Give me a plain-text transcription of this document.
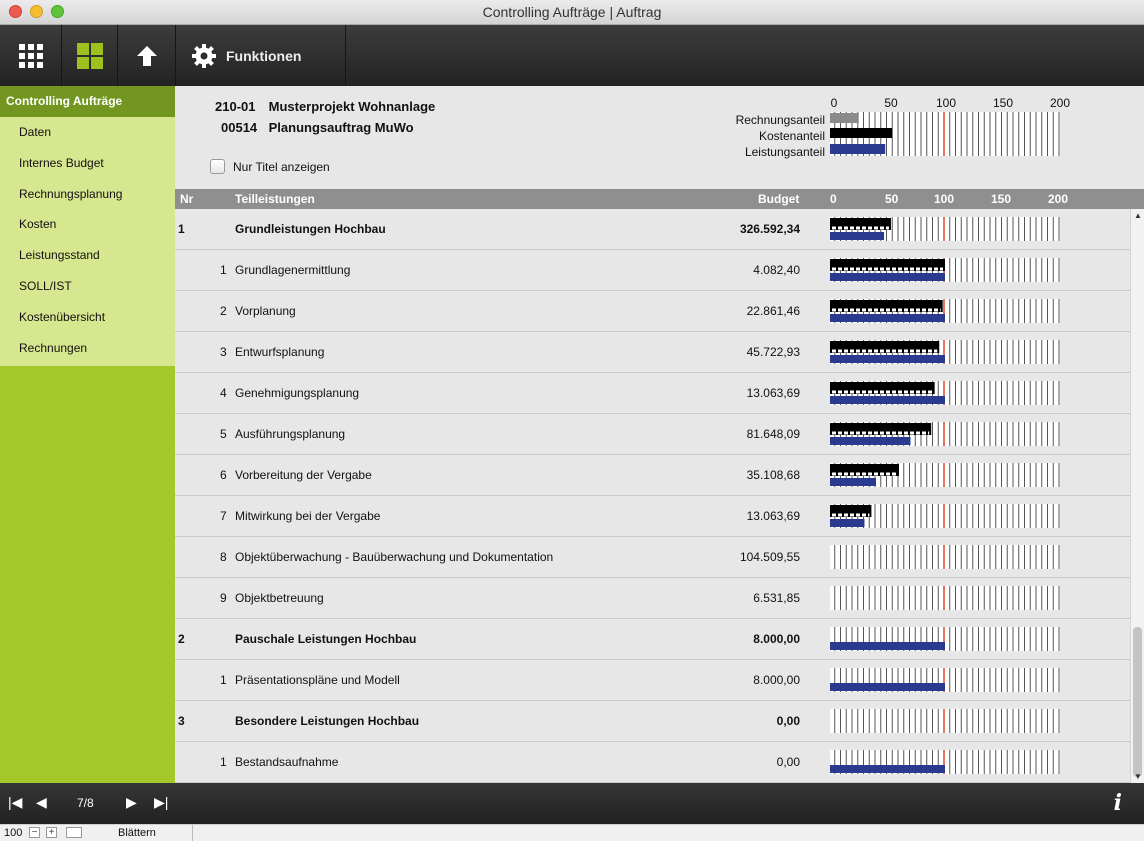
Controlling Aufträge | Auftrag
Funktionen
Controlling Aufträge
Daten
Internes Budget
Rechnungsplanung
Kosten
Leistungsstand
SOLL/IST
Kostenübersicht
Rechnungen
210-01 Musterprojekt Wohnanlage
00514 Planungsauftrag MuWo
Nur Titel anzeigen
0	50	100	150	200
Rechnungsanteil
Kostenanteil
Leistungsanteil
Nr	Teilleistungen	Budget	0	50	100	150	200
1	Grundleistungen Hochbau	326.592,34
1 Grundlagenermittlung	4.082,40
2 Vorplanung	22.861,46
3 Entwurfsplanung	45.722,93
4 Genehmigungsplanung	13.063,69
5 Ausführungsplanung	81.648,09
6 Vorbereitung der Vergabe	35.108,68
7 Mitwirkung bei der Vergabe	13.063,69
8 Objektüberwachung - Bauüberwachung und Dokumentation	104.509,55
9 Objektbetreuung	6.531,85
2	Pauschale Leistungen Hochbau	8.000,00
1 Präsentationspläne und Modell	8.000,00
3	Besondere Leistungen Hochbau	0,00
1 Bestandsaufnahme	0,00
▲
▼
|◀ ◀	7/8 ▶ ▶|	i
100 − +	Blättern
